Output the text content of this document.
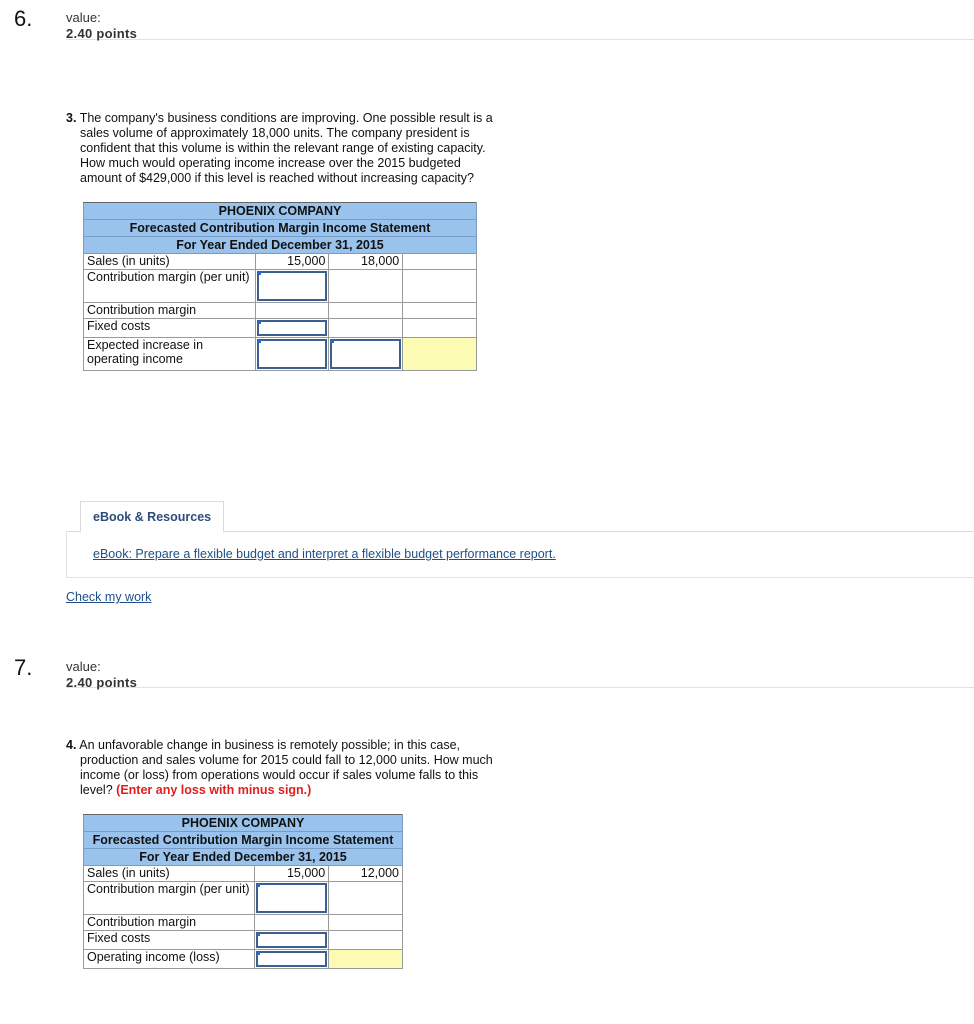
6.	value:
2.40 points
3. The company's business conditions are improving. One possible result is a
sales volume of approximately 18,000 units. The company president is
confident that this volume is within the relevant range of existing capacity.
How much would operating income increase over the 2015 budgeted
amount of $429,000 if this level is reached without increasing capacity?
PHOENIX COMPANY			
Forecasted Contribution Margin Income Statement			
For Year Ended December 31, 2015			
Sales (in units)	15,000	18,000	
Contribution margin (per unit)	

Contribution margin			
Fixed costs	

Expected increase in operating income	

eBook & Resources
eBook: Prepare a flexible budget and interpret a flexible budget performance report.
Check my work
7.	value:
2.40 points
4. An unfavorable change in business is remotely possible; in this case,
production and sales volume for 2015 could fall to 12,000 units. How much
income (or loss) from operations would occur if sales volume falls to this
level? (Enter any loss with minus sign.)
PHOENIX COMPANY		
Forecasted Contribution Margin Income Statement		
For Year Ended December 31, 2015		
Sales (in units)	15,000	12,000
Contribution margin (per unit)	

Contribution margin		
Fixed costs	

Operating income (loss)	
